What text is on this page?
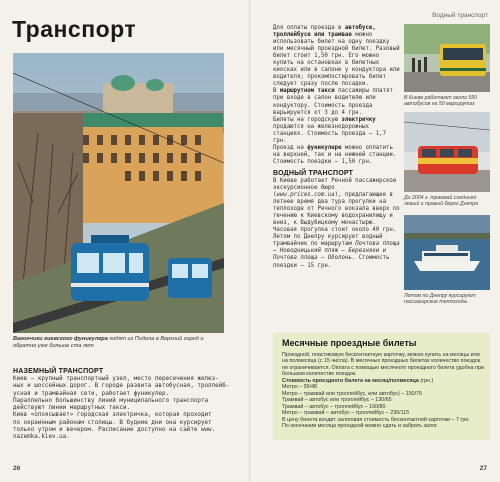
Транспорт
Вагончики киевского фуникулера ходят из Подола в Верхний город и обратно уже больше ста лет
НАЗЕМНЫЙ ТРАНСПОРТ

Киев – крупный транспортный узел, место пересечения желез-

ных и шоссейных дорог. В городе развита автобусная, троллейб-

усная и трамвайная сети, работает фуникулер.

Параллельно большинству линий муниципального транспорта

действуют линии маршрутных такси.

Киев «опоясывает» городская электричка, которая проходит

по окраинным районам столицы. В будние дни она курсирует

только утром и вечером. Расписание доступно на сайте www.

nazemka.kiev.ua.

26
Водный транспорт

Для оплаты проезда в автобусе, троллейбусе или трамвае можно использовать билет на одну поездку или месячный проездной билет. Разовый билет стоит 1,50 грн. Его можно купить на остановках в билетных киосках или в салоне у кондуктора или водителя; прокомпостировать билет следует сразу после посадки.

В маршрутном такси пассажиры платят при входе в салон водителю или кондуктору. Стоимость проезда варьируется от 3 до 4 грн.

Билеты на городскую электричку продаются на железнодорожных станциях. Стоимость проезда – 1,7 грн.

Проезд на фуникулере можно оплатить на верхней, так и на нижней станции. Стоимость поездки – 1,50 грн.

ВОДНЫЙ ТРАНСПОРТ

В Киеве работает Речной пассажирское экскурсионное бюро (www.prices.com.ua), предлагающее в летнее время два тура прогулки на теплоходе от Речного вокзала вверх по течению к Киевскому водохранилищу и вниз, к Выдубицкому монастырю. Часовая прогулка стоит около 40 грн.

Летом по Днепру курсирует водный трамвайчик по маршрутам Почтова площа – Новодницький пляж – Березняки и Почтова площа – Оболонь. Стоимость поездки – 15 грн.

В Киеве работают около 550 автобусов на 50 маршрутах
До 2004 г. трамвай соединял левый и правый берег Днепра
Летом по Днепру курсируют пассажирские теплоходы
Месячные проездные билеты

Проездной, пластиковую бесконтактную карточку, можно купить на месяцы или на полмесяца (с 15 числа). В месячных проездных билетах количество поездок не ограничивается. Оплата с помощью месячного проездного билета удобна при большом количестве поездок.

Стоимость проездного билета на месяц/полмесяца (грн.)

Метро – 95/48

Метро – трамвай или троллейбус, или автобус) – 150/75

Трамвай – автобус или троллейбус – 130/65

Трамвай – автобус – троллейбус – 160/80

Метро – трамвай – автобус – троллейбус – 230/115

В цену билета входит залоговая стоимость бесконтактной карточки – 7 грн.

По окончании месяца проездной можно сдать и забрать залог.

27
